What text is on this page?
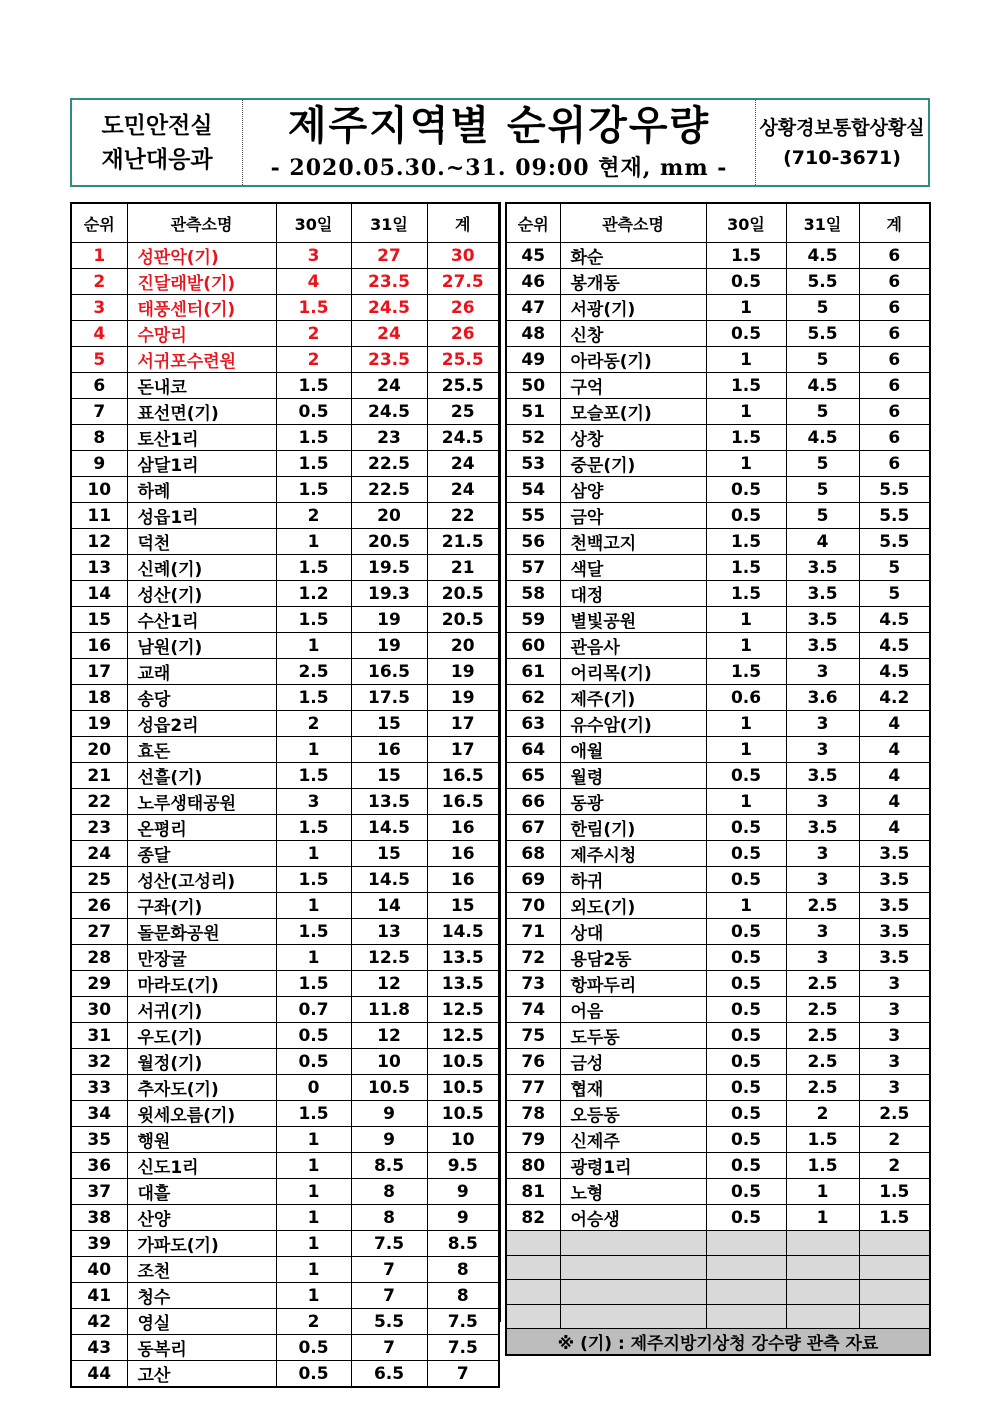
도민안전실
재난대응과
제주지역별 순위강우량
- 2020.05.30.~31. 09:00 현재, mm -
상황경보통합상황실
(710-3671)
순위	관측소명	30일	31일	계
1	성판악(기)	3	27	30
2	진달래밭(기)	4	23.5	27.5
3	태풍센터(기)	1.5	24.5	26
4	수망리	2	24	26
5	서귀포수련원	2	23.5	25.5
6	돈내코	1.5	24	25.5
7	표선면(기)	0.5	24.5	25
8	토산1리	1.5	23	24.5
9	삼달1리	1.5	22.5	24
10	하례	1.5	22.5	24
11	성읍1리	2	20	22
12	덕천	1	20.5	21.5
13	신례(기)	1.5	19.5	21
14	성산(기)	1.2	19.3	20.5
15	수산1리	1.5	19	20.5
16	남원(기)	1	19	20
17	교래	2.5	16.5	19
18	송당	1.5	17.5	19
19	성읍2리	2	15	17
20	효돈	1	16	17
21	선흘(기)	1.5	15	16.5
22	노루생태공원	3	13.5	16.5
23	온평리	1.5	14.5	16
24	종달	1	15	16
25	성산(고성리)	1.5	14.5	16
26	구좌(기)	1	14	15
27	돌문화공원	1.5	13	14.5
28	만장굴	1	12.5	13.5
29	마라도(기)	1.5	12	13.5
30	서귀(기)	0.7	11.8	12.5
31	우도(기)	0.5	12	12.5
32	월정(기)	0.5	10	10.5
33	추자도(기)	0	10.5	10.5
34	윗세오름(기)	1.5	9	10.5
35	행원	1	9	10
36	신도1리	1	8.5	9.5
37	대흘	1	8	9
38	산양	1	8	9
39	가파도(기)	1	7.5	8.5
40	조천	1	7	8
41	청수	1	7	8
42	영실	2	5.5	7.5
43	동복리	0.5	7	7.5
44	고산	0.5	6.5	7
순위	관측소명	30일	31일	계
45	화순	1.5	4.5	6
46	봉개동	0.5	5.5	6
47	서광(기)	1	5	6
48	신창	0.5	5.5	6
49	아라동(기)	1	5	6
50	구억	1.5	4.5	6
51	모슬포(기)	1	5	6
52	상창	1.5	4.5	6
53	중문(기)	1	5	6
54	삼양	0.5	5	5.5
55	금악	0.5	5	5.5
56	천백고지	1.5	4	5.5
57	색달	1.5	3.5	5
58	대정	1.5	3.5	5
59	별빛공원	1	3.5	4.5
60	관음사	1	3.5	4.5
61	어리목(기)	1.5	3	4.5
62	제주(기)	0.6	3.6	4.2
63	유수암(기)	1	3	4
64	애월	1	3	4
65	월령	0.5	3.5	4
66	동광	1	3	4
67	한림(기)	0.5	3.5	4
68	제주시청	0.5	3	3.5
69	하귀	0.5	3	3.5
70	외도(기)	1	2.5	3.5
71	상대	0.5	3	3.5
72	용담2동	0.5	3	3.5
73	항파두리	0.5	2.5	3
74	어음	0.5	2.5	3
75	도두동	0.5	2.5	3
76	금성	0.5	2.5	3
77	협재	0.5	2.5	3
78	오등동	0.5	2	2.5
79	신제주	0.5	1.5	2
80	광령1리	0.5	1.5	2
81	노형	0.5	1	1.5
82	어승생	0.5	1	1.5

※ (기) : 제주지방기상청 강수량 관측 자료				
